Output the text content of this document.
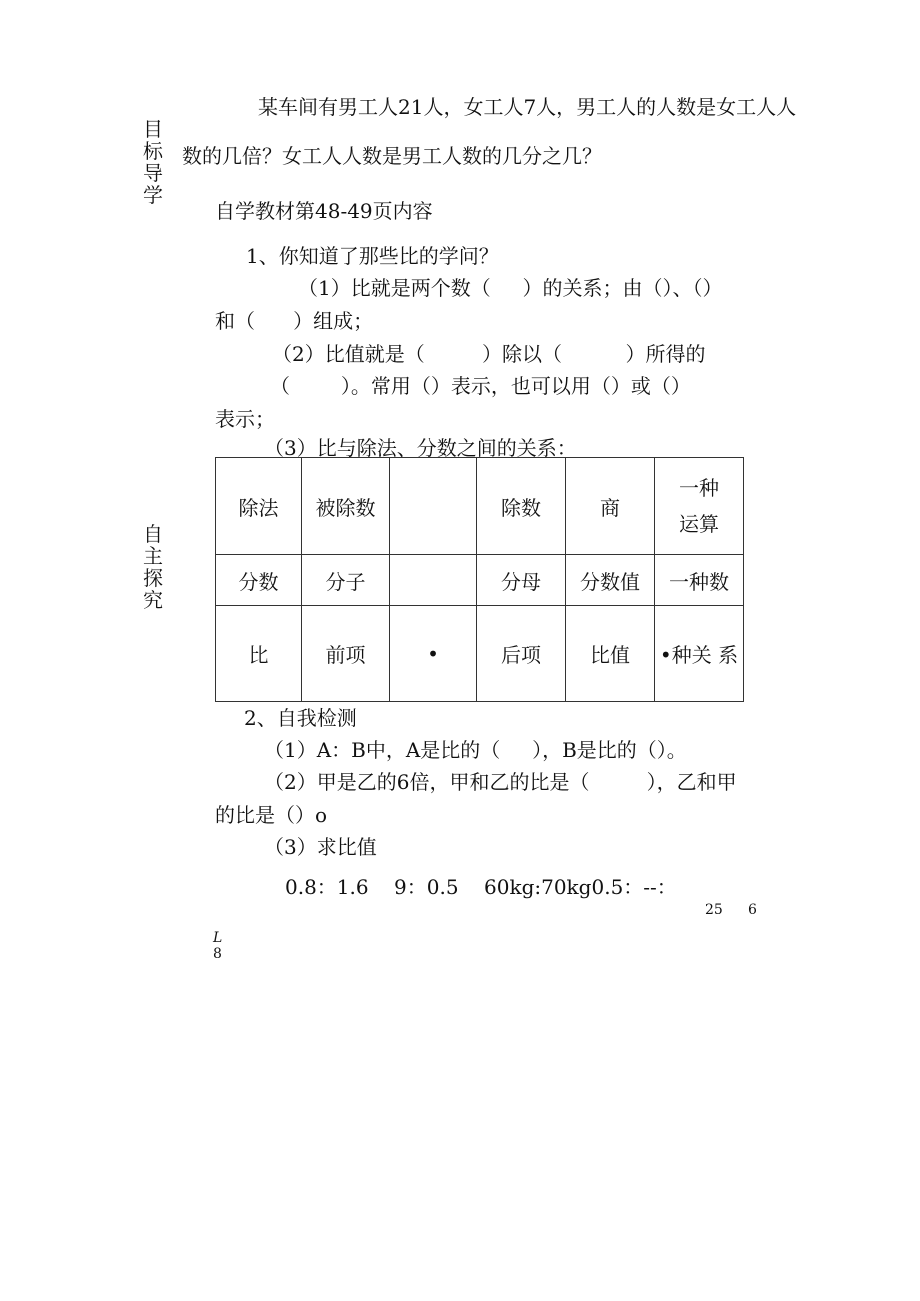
目标导学
自主探究
某车间有男工人21人，女工人7人，男工人的人数是女工人人
数的几倍？女工人人数是男工人数的几分之几？
自学教材第48-49页内容
1、你知道了那些比的学问？
（1）比就是两个数（     ）的关系；由（）、（）
和（      ）组成；
（2）比值就是（         ）除以（          ）所得的
（        ）。常用（）表示，也可以用（）或（）
表示；
（3）比与除法、分数之间的关系：
除法	被除数		除数	商	一种运算
分数	分子		分母	分数值	一种数
比	前项	•	后项	比值	•种关 系
2、自我检测
（1）A：B中，A是比的（     ），B是比的（）。
（2）甲是乙的6倍，甲和乙的比是（         ），乙和甲
的比是（）o
（3）求比值
0.8：1.6    9：0.5    60kg:70kg0.5：--：
25 6
L
8
